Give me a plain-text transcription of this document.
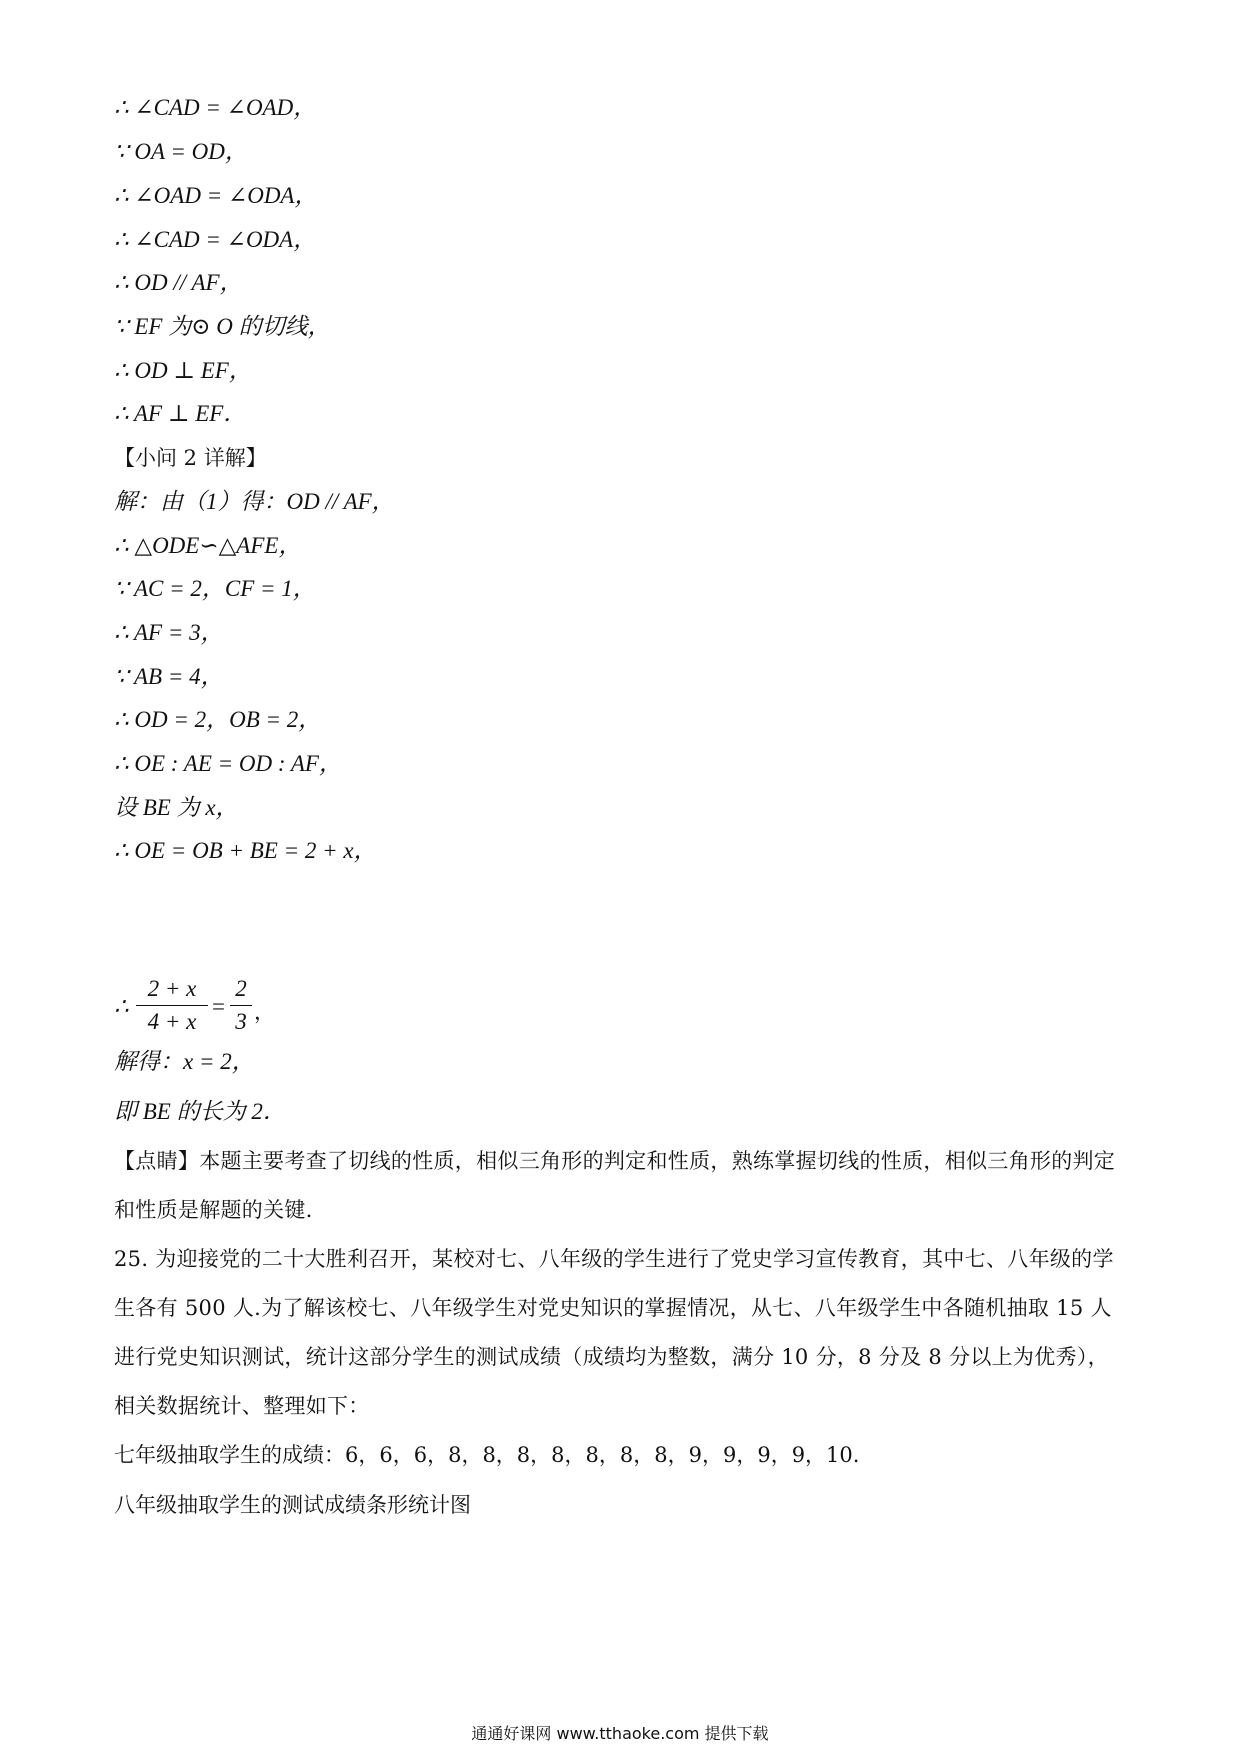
∴ ∠CAD = ∠OAD，
∵ OA = OD，
∴ ∠OAD = ∠ODA，
∴ ∠CAD = ∠ODA，
∴ OD // AF，
∵ EF 为⊙ O 的切线，
∴ OD ⊥ EF，
∴ AF ⊥ EF．
【小问 2 详解】
解：由（1）得：OD // AF，
∴ △ODE∽△AFE，
∵ AC = 2，CF = 1，
∴ AF = 3，
∵ AB = 4，
∴ OD = 2，OB = 2，
∴ OE : AE = OD : AF，
设 BE 为 x，
∴ OE = OB + BE = 2 + x，
∴
2 + x
4 + x
=
2
3 ，
解得：x = 2，
即 BE 的长为 2．
【点睛】本题主要考查了切线的性质，相似三角形的判定和性质，熟练掌握切线的性质，相似三角形的判定和性质是解题的关键．
25. 为迎接党的二十大胜利召开，某校对七、八年级的学生进行了党史学习宣传教育，其中七、八年级的学生各有 500 人.为了解该校七、八年级学生对党史知识的掌握情况，从七、八年级学生中各随机抽取 15 人进行党史知识测试，统计这部分学生的测试成绩（成绩均为整数，满分 10 分，8 分及 8 分以上为优秀），相关数据统计、整理如下：
七年级抽取学生的成绩：6，6，6，8，8，8，8，8，8，8，9，9，9，9，10.
八年级抽取学生的测试成绩条形统计图
通通好课网 www.tthaoke.com 提供下载
